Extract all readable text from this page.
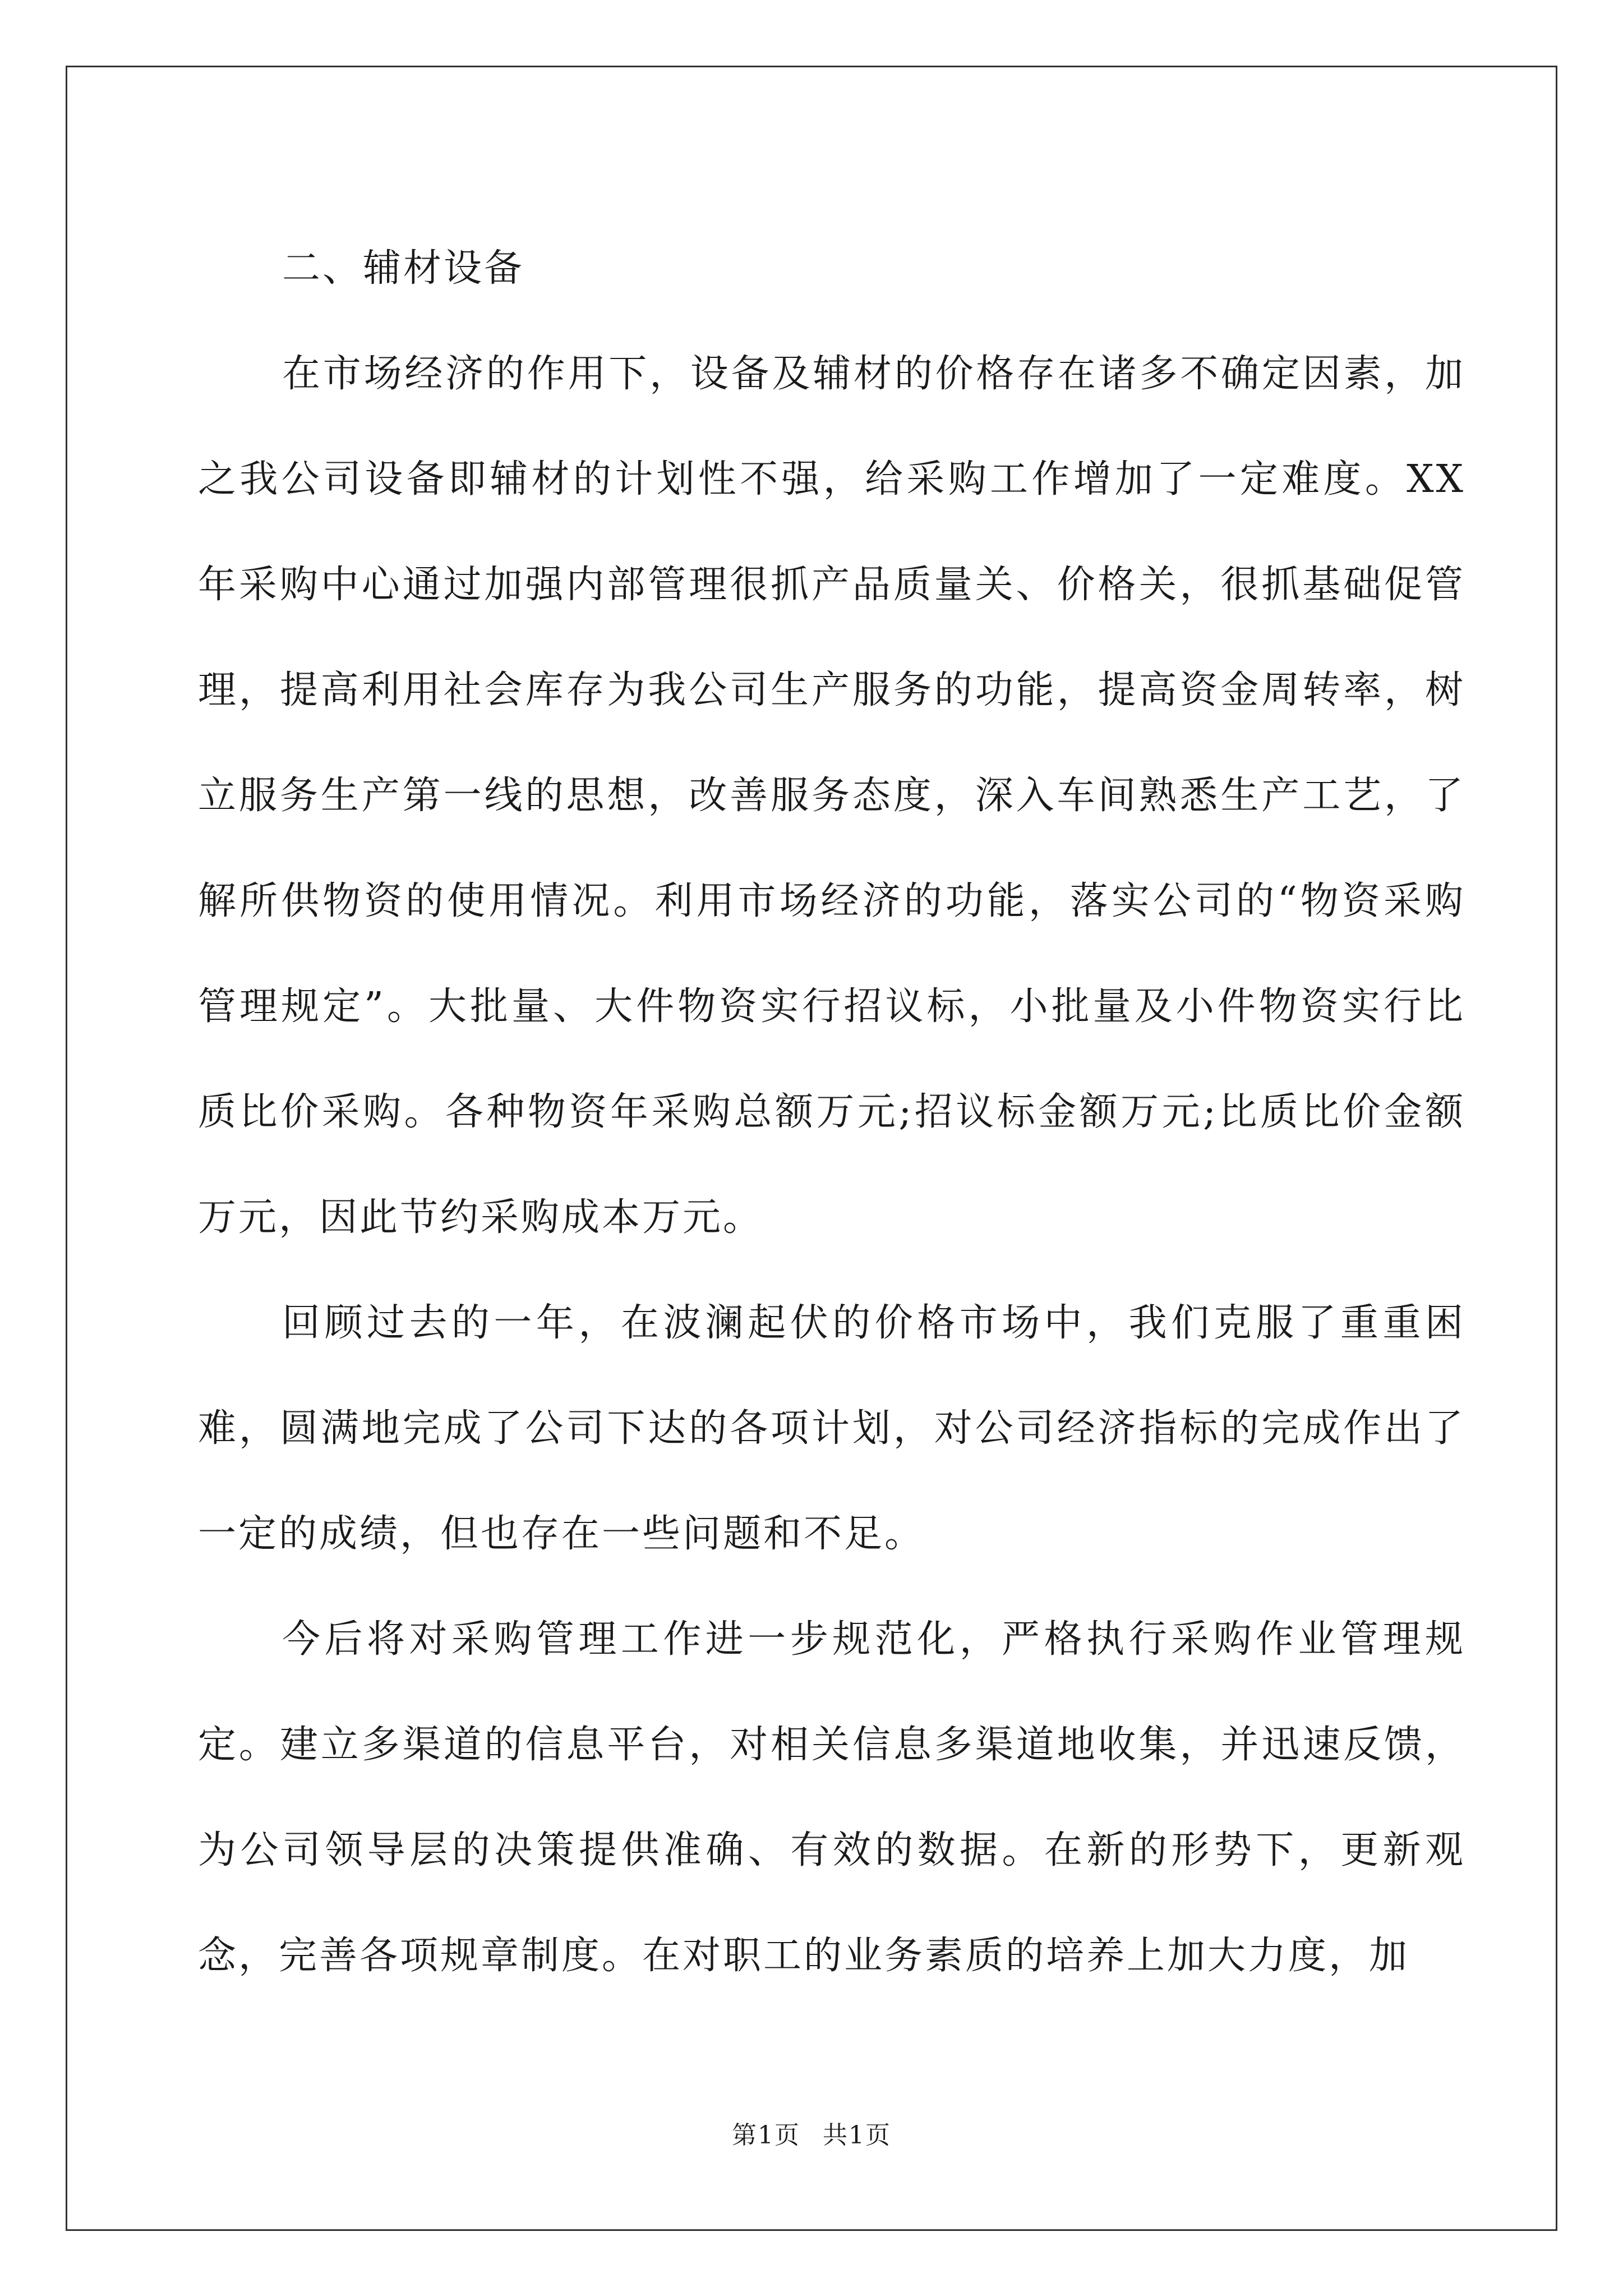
二、辅材设备

在市场经济的作用下，设备及辅材的价格存在诸多不确定因素，加之我公司设备即辅材的计划性不强，给采购工作增加了一定难度。XX年采购中心通过加强内部管理很抓产品质量关、价格关，很抓基础促管理，提高利用社会库存为我公司生产服务的功能，提高资金周转率，树立服务生产第一线的思想，改善服务态度，深入车间熟悉生产工艺，了解所供物资的使用情况。利用市场经济的功能，落实公司的“物资采购管理规定”。大批量、大件物资实行招议标，小批量及小件物资实行比质比价采购。各种物资年采购总额万元;招议标金额万元;比质比价金额万元，因此节约采购成本万元。

回顾过去的一年，在波澜起伏的价格市场中，我们克服了重重困难，圆满地完成了公司下达的各项计划，对公司经济指标的完成作出了一定的成绩，但也存在一些问题和不足。

今后将对采购管理工作进一步规范化，严格执行采购作业管理规定。建立多渠道的信息平台，对相关信息多渠道地收集，并迅速反馈，为公司领导层的决策提供准确、有效的数据。在新的形势下，更新观念，完善各项规章制度。在对职工的业务素质的培养上加大力度，加

第1页 共1页
